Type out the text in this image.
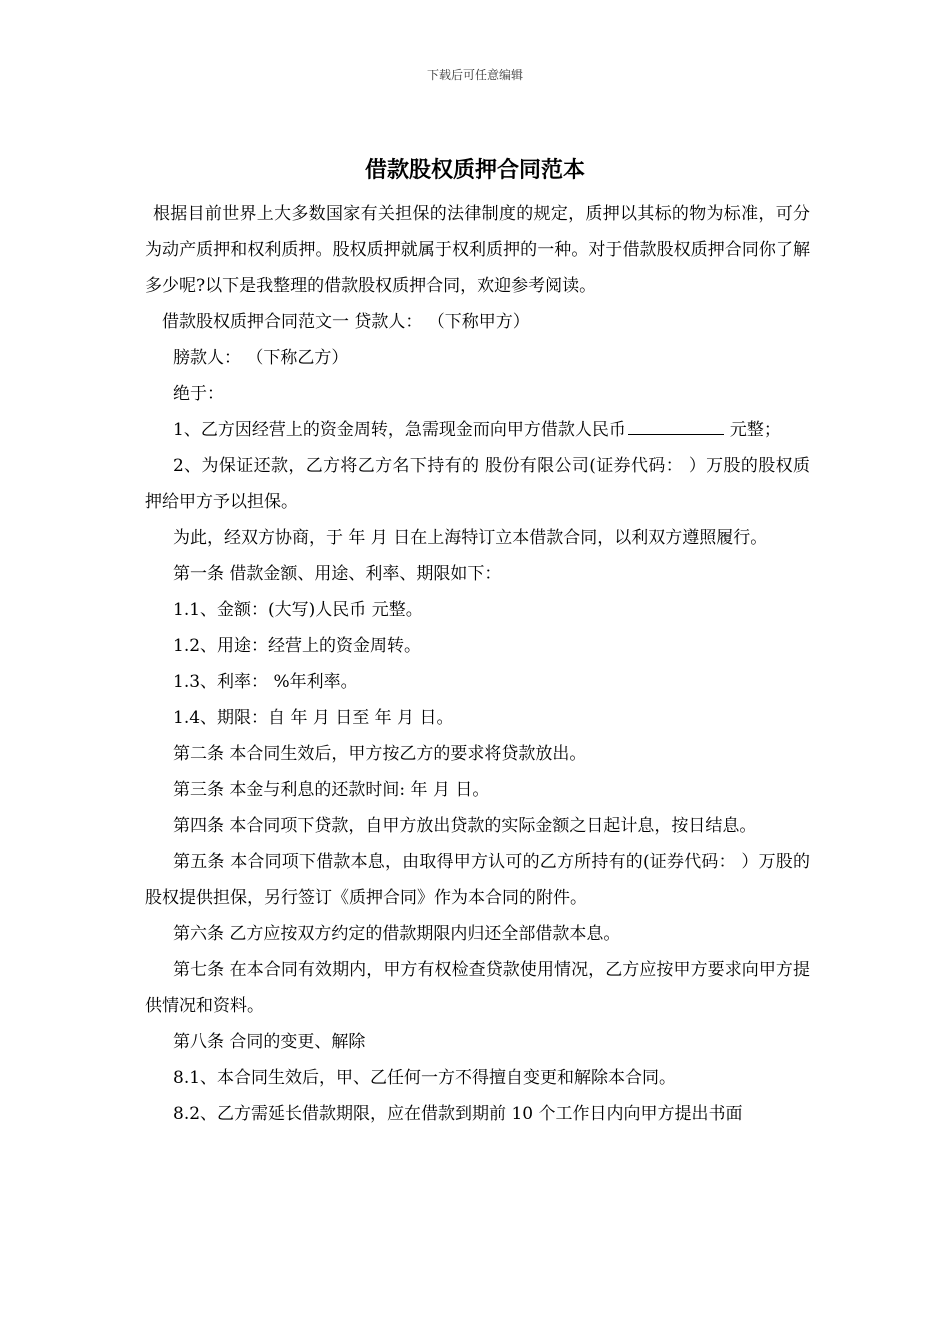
下载后可任意编辑
借款股权质押合同范本

根据目前世界上大多数国家有关担保的法律制度的规定，质押以其标的物为标准，可分为动产质押和权利质押。股权质押就属于权利质押的一种。对于借款股权质押合同你了解多少呢?以下是我整理的借款股权质押合同，欢迎参考阅读。

借款股权质押合同范文一 贷款人： （下称甲方）

膀款人： （下称乙方）

绝于：

1、乙方因经营上的资金周转，急需现金而向甲方借款人民币	元整；

2、为保证还款，乙方将乙方名下持有的 股份有限公司(证券代码： ）万股的股权质押给甲方予以担保。

为此，经双方协商，于 年 月 日在上海特订立本借款合同，以利双方遵照履行。

第一条 借款金额、用途、利率、期限如下：

1.1、金额：(大写)人民币 元整。

1.2、用途：经营上的资金周转。

1.3、利率： %年利率。

1.4、期限：自 年 月 日至 年 月 日。

第二条 本合同生效后，甲方按乙方的要求将贷款放出。

第三条 本金与利息的还款时间: 年 月 日。

第四条 本合同项下贷款，自甲方放出贷款的实际金额之日起计息，按日结息。

第五条 本合同项下借款本息，由取得甲方认可的乙方所持有的(证券代码： ）万股的股权提供担保，另行签订《质押合同》作为本合同的附件。

第六条 乙方应按双方约定的借款期限内归还全部借款本息。

第七条 在本合同有效期内，甲方有权检查贷款使用情况，乙方应按甲方要求向甲方提供情况和资料。

第八条 合同的变更、解除

8.1、本合同生效后，甲、乙任何一方不得擅自变更和解除本合同。

8.2、乙方需延长借款期限，应在借款到期前 10 个工作日内向甲方提出书面
